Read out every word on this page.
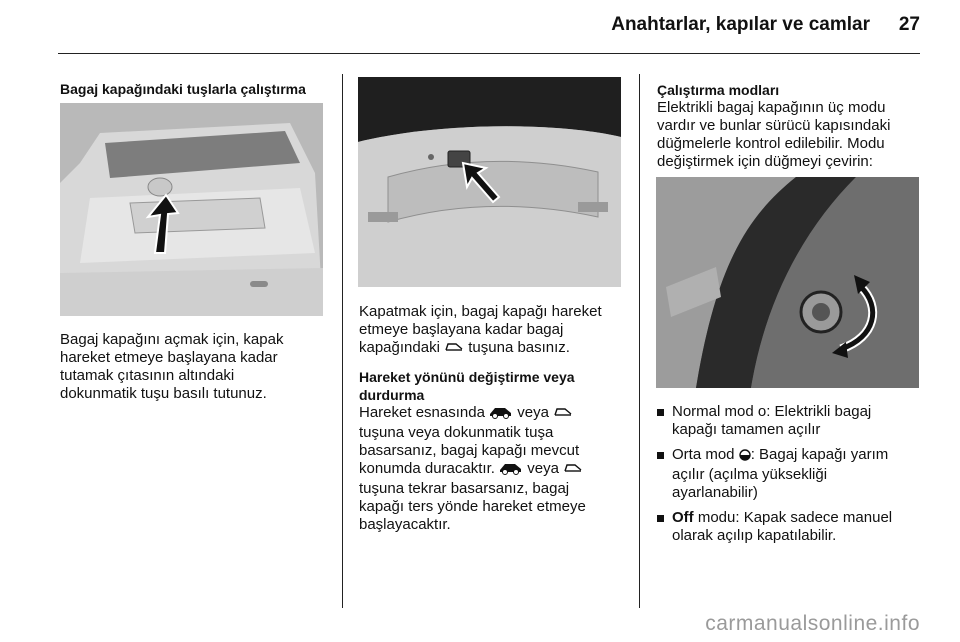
Anahtarlar, kapılar ve camlar 27

Bagaj kapağındaki tuşlarla çalıştırma

Bagaj kapağını açmak için, kapak

hareket etmeye başlayana kadar

tutamak çıtasının altındaki

dokunmatik tuşu basılı tutunuz.

Kapatmak için, bagaj kapağı hareket

etmeye başlayana kadar bagaj

kapağındaki  tuşuna basınız.

Hareket yönünü değiştirme veya

durdurma

Hareket esnasında  veya

tuşuna veya dokunmatik tuşa

basarsanız, bagaj kapağı mevcut

konumda duracaktır.  veya

tuşuna tekrar basarsanız, bagaj

kapağı ters yönde hareket etmeye

başlayacaktır.

Çalıştırma modları

Elektrikli bagaj kapağının üç modu

vardır ve bunlar sürücü kapısındaki

düğmelerle kontrol edilebilir. Modu

değiştirmek için düğmeyi çevirin:

Normal mod o: Elektrikli bagaj

kapağı tamamen açılır

Orta mod : Bagaj kapağı yarım

açılır (açılma yüksekliği

ayarlanabilir)

Off modu: Kapak sadece manuel

olarak açılıp kapatılabilir.

carmanualsonline.info
